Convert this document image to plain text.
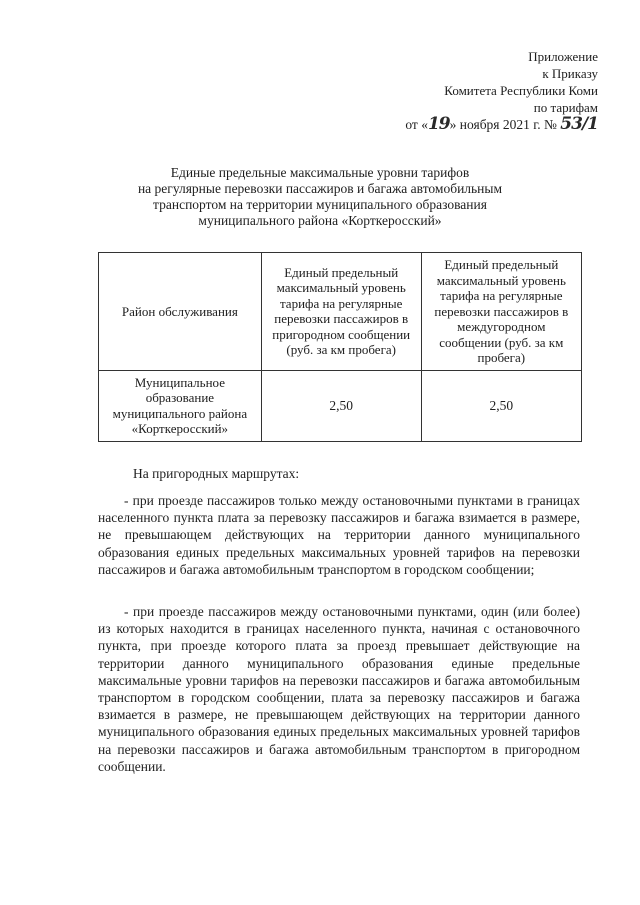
Приложение
к Приказу
Комитета Республики Коми
по тарифам
от «19» ноября 2021 г. № 53/1
Единые предельные максимальные уровни тарифов
на регулярные перевозки пассажиров и багажа автомобильным
транспортом на территории муниципального образования
муниципального района «Корткеросский»
Район обслуживания	Единый предельный максимальный уровень тарифа на регулярные перевозки пассажиров в пригородном сообщении (руб. за км пробега)	Единый предельный максимальный уровень тарифа на регулярные перевозки пассажиров в междугородном сообщении (руб. за км пробега)
Муниципальное образование муниципального района «Корткеросский»	2,50	2,50
На пригородных маршрутах:
- при проезде пассажиров только между остановочными пунктами в границах населенного пункта плата за перевозку пассажиров и багажа взимается в размере, не превышающем действующих на территории данного муниципального образования единых предельных максимальных уровней тарифов на перевозки пассажиров и багажа автомобильным транспортом в городском сообщении;
- при проезде пассажиров между остановочными пунктами, один (или более) из которых находится в границах населенного пункта, начиная с остановочного пункта, при проезде которого плата за проезд превышает действующие на территории данного муниципального образования единые предельные максимальные уровни тарифов на перевозки пассажиров и багажа автомобильным транспортом в городском сообщении, плата за перевозку пассажиров и багажа взимается в размере, не превышающем действующих на территории данного муниципального образования единых предельных максимальных уровней тарифов на перевозки пассажиров и багажа автомобильным транспортом в пригородном сообщении.
